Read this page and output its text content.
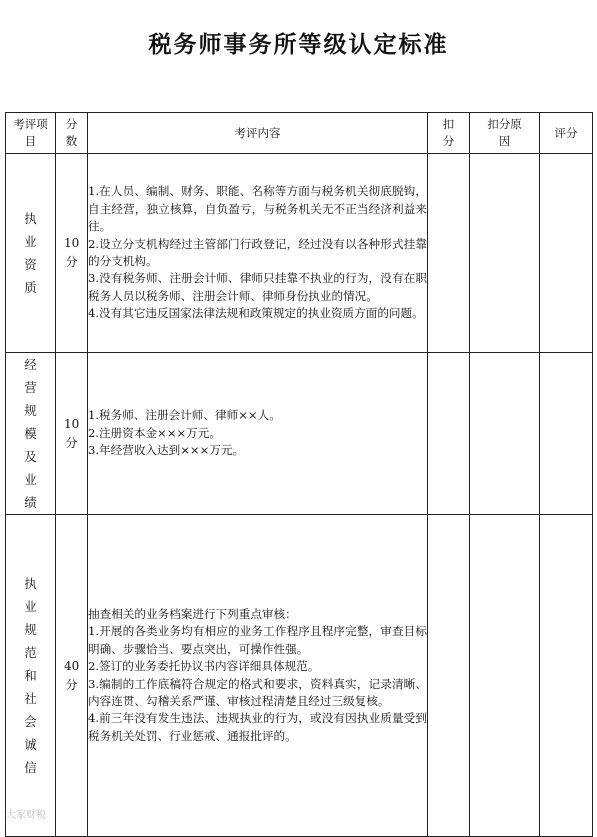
税务师事务所等级认定标准
考评项目	分数	考评内容	扣分	扣分原因	评分
执业资质	10分	1.在人员、编制、财务、职能、名称等方面与税务机关彻底脱钩，自主经营，独立核算，自负盈亏，与税务机关无不正当经济利益来往。
2.设立分支机构经过主管部门行政登记，经过没有以各种形式挂靠的分支机构。
3.没有税务师、注册会计师、律师只挂靠不执业的行为，没有在职税务人员以税务师、注册会计师、律师身份执业的情况。
4.没有其它违反国家法律法规和政策规定的执业资质方面的问题。			

经营规模及业绩	10分	1.税务师、注册会计师、律师××人。
2.注册资本金×××万元。
3.年经营收入达到×××万元。			

执业规范和社会诚信	40分	抽查相关的业务档案进行下列重点审核：
1.开展的各类业务均有相应的业务工作程序且程序完整，审查目标明确、步骤恰当、要点突出，可操作性强。
2.签订的业务委托协议书内容详细具体规范。
3.编制的工作底稿符合规定的格式和要求，资料真实，记录清晰、内容连贯、勾稽关系严谨、审核过程清楚且经过三级复核。
4.前三年没有发生违法、违规执业的行为，或没有因执业质量受到税务机关处罚、行业惩戒、通报批评的。			

大家财税
